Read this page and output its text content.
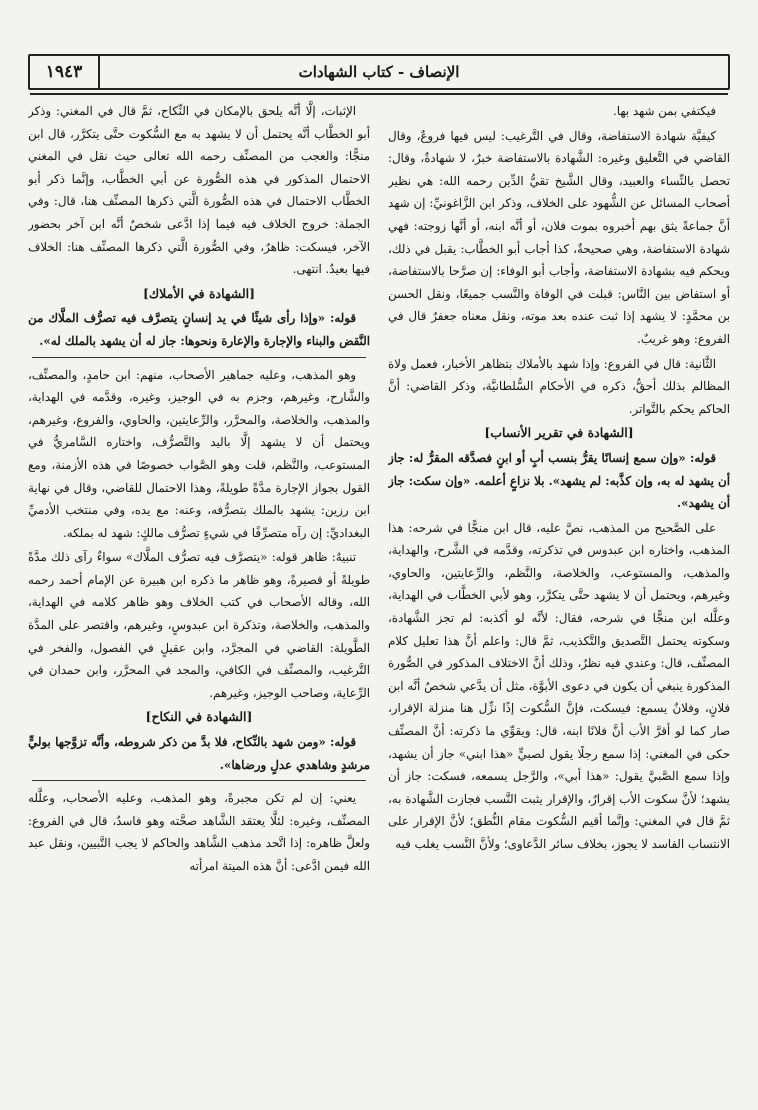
الإنصاف - كتاب الشهادات
١٩٤٣

فيكتفي بمن شهد بها.

كيفيَّة شهادة الاستفاضة، وقال في التَّرغيب: ليس فيها فروعٌ، وقال القاضي في التَّعليق وغيره: الشَّهادة بالاستفاضة خبرٌ، لا شهادةٌ، وقال: تحصل بالنِّساء والعبيد، وقال الشَّيخ تقيُّ الدِّين رحمه الله: هي نظير أصحاب المسائل عن الشُّهود على الخلاف، وذكر ابن الزَّاغونيِّ: إن شهد أنَّ جماعةً يثق بهم أخبروه بموت فلان، أو أنَّه ابنه، أو أنَّها زوجته: فهي شهادة الاستفاضة، وهي صحيحةٌ، كذا أجاب أبو الخطَّاب: يقبل في ذلك، ويحكم فيه بشهادة الاستفاضة، وأجاب أبو الوفاء: إن صرَّحا بالاستفاضة، أو استفاض بين النَّاس: قبلت في الوفاة والنَّسب جميعًا، ونقل الحسن بن محمَّدٍ: لا يشهد إذا ثبت عنده بعد موته، ونقل معناه جعفرٌ قال في الفروع: وهو غريبٌ.

الثَّانية: قال في الفروع: وإذا شهد بالأملاك بتظاهر الأخبار، فعمل ولاة المظالم بذلك أحقُّ، ذكره في الأحكام السُّلطانيَّة، وذكر القاضي: أنَّ الحاكم يحكم بالتَّواتر.

[الشهادة في تقرير الأنساب]

قوله: «وإن سمع إنسانًا يقرُّ بنسب أبٍ أو ابنٍ فصدَّقه المقرُّ له: جاز أن يشهد له به، وإن كذَّبه: لم يشهد». بلا نزاعٍ أعلمه. «وإن سكت: جاز أن يشهد».

على الصَّحيح من المذهب، نصَّ عليه، قال ابن منجًّا في شرحه: هذا المذهب، واختاره ابن عبدوس في تذكرته، وقدَّمه في الشَّرح، والهداية، والمذهب، والمستوعب، والخلاصة، والنَّظم، والرِّعايتين، والحاوي، وغيرهم، ويحتمل أن لا يشهد حتَّى يتكرَّر، وهو لأبي الخطَّاب في الهداية، وعلَّله ابن منجًّا في شرحه، فقال: لأنَّه لو أكذبه: لم تجز الشَّهادة، وسكوته يحتمل التَّصديق والتَّكذيب، ثمَّ قال: واعلم أنَّ هذا تعليل كلام المصنِّف، قال: وعندي فيه نظرٌ، وذلك أنَّ الاختلاف المذكور في الصُّورة المذكورة ينبغي أن يكون في دعوى الأبوَّة، مثل أن يدَّعي شخصٌ أنَّه ابن فلانٍ، وفلانٌ يسمع: فيسكت، فإنَّ السُّكوت إذًا نزِّل هنا منزلة الإقرار، صار كما لو أقرَّ الأب أنَّ فلانًا ابنه، قال: ويقوِّي ما ذكرته: أنَّ المصنِّف حكى في المغني: إذا سمع رجلًا يقول لصبيٍّ «هذا ابني» جاز أن يشهد، وإذا سمع الصَّبيَّ يقول: «هذا أبي»، والرَّجل يسمعه، فسكت: جاز أن يشهد؛ لأنَّ سكوت الأب إقرارٌ، والإقرار يثبت النَّسب فجازت الشَّهادة به، ثمَّ قال في المغني: وإنَّما أقيم السُّكوت مقام النُّطق؛ لأنَّ الإقرار على الانتساب الفاسد لا يجوز، بخلاف سائر الدَّعاوى؛ ولأنَّ النَّسب يغلب فيه

الإثبات، إلَّا أنَّه يلحق بالإمكان في النِّكاح، ثمَّ قال في المغني: وذكر أبو الخطَّاب أنَّه يحتمل أن لا يشهد به مع السُّكوت حتَّى يتكرَّر، قال ابن منجًّا: والعجب من المصنِّف رحمه الله تعالى حيث نقل في المغني الاحتمال المذكور في هذه الصُّورة عن أبي الخطَّاب، وإنَّما ذكر أبو الخطَّاب الاحتمال في هذه الصُّورة الَّتي ذكرها المصنِّف هنا، قال: وفي الجملة: خروج الخلاف فيه فيما إذا ادَّعى شخصٌ أنَّه ابن آخر بحضور الآخر، فيسكت: ظاهرٌ، وفي الصُّورة الَّتي ذكرها المصنِّف هنا: الخلاف فيها بعيدٌ. انتهى.

[الشهادة في الأملاك]

قوله: «وإذا رأى شيئًا في يد إنسانٍ يتصرَّف فيه تصرُّف الملَّاك من النَّقض والبناء والإجارة والإعارة ونحوها: جاز له أن يشهد بالملك له».

وهو المذهب، وعليه جماهير الأصحاب، منهم: ابن حامدٍ، والمصنِّف، والشَّارح، وغيرهم، وجزم به في الوجيز، وغيره، وقدَّمه في الهداية، والمذهب، والخلاصة، والمحرَّر، والرِّعايتين، والحاوي، والفروع، وغيرهم، ويحتمل أن لا يشهد إلَّا باليد والتَّصرُّف، واختاره السَّامريُّ في المستوعب، والنَّظم، قلت وهو الصَّواب خصوصًا في هذه الأزمنة، ومع القول بجواز الإجارة مدَّةً طويلةً، وهذا الاحتمال للقاضي، وقال في نهاية ابن رزين: يشهد بالملك بتصرُّفه، وعنه: مع يده، وفي منتخب الأدميِّ البغداديِّ: إن رآه متصرِّفًا في شيءٍ تصرُّف مالكٍ: شهد له بملكه.

تنبيهٌ: ظاهر قوله: «يتصرَّف فيه تصرُّف الملَّاك» سواءٌ رآى ذلك مدَّةً طويلةً أو قصيرةً، وهو ظاهر ما ذكره ابن هبيرة عن الإمام أحمد رحمه الله، وقاله الأصحاب في كتب الخلاف وهو ظاهر كلامه في الهداية، والمذهب، والخلاصة، وتذكرة ابن عبدوسٍ، وغيرهم، واقتصر على المدَّة الطَّويلة: القاضي في المجرَّد، وابن عقيلٍ في الفصول، والفخر في التَّرغيب، والمصنِّف في الكافي، والمجد في المحرَّر، وابن حمدان في الرِّعاية، وصاحب الوجيز، وغيرهم.

[الشهادة في النكاح]

قوله: «ومن شهد بالنِّكاح، فلا بدَّ من ذكر شروطه، وأنَّه تزوَّجها بوليٍّ مرشدٍ وشاهدي عدلٍ ورضاها».

يعني: إن لم تكن مجبرةً، وهو المذهب، وعليه الأصحاب، وعلَّله المصنِّف، وغيره: لئلَّا يعتقد الشَّاهد صحَّته وهو فاسدٌ، قال في الفروع: ولعلَّ ظاهره: إذا اتَّحد مذهب الشَّاهد والحاكم لا يجب التَّبيين، ونقل عبد الله فيمن ادَّعى: أنَّ هذه الميتة امرأته
